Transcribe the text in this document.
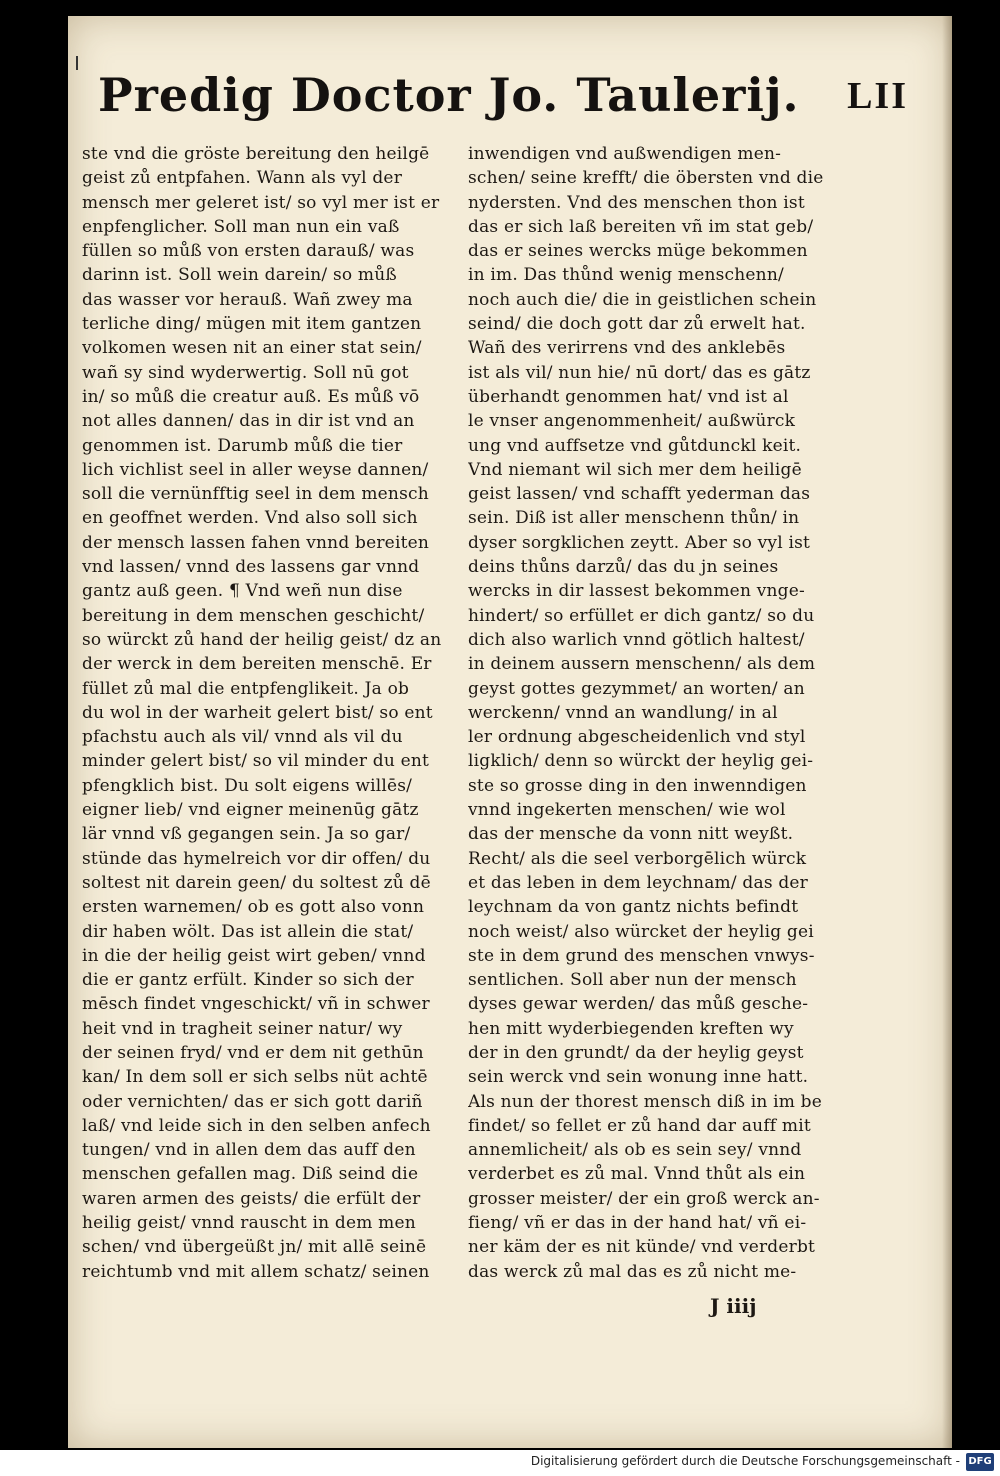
Predig Doctor Jo. Taulerij. LII
ste vnd die gröste bereitung den heilgē
geist zů entpfahen. Wann als vyl der
mensch mer geleret ist/ so vyl mer ist er
enpfenglicher. Soll man nun ein vaß
füllen so můß von ersten darauß/ was
darinn ist. Soll wein darein/ so můß
das wasser vor herauß. Wañ zwey ma
terliche ding/ mügen mit item gantzen
volkomen wesen nit an einer stat sein/
wañ sy sind wyderwertig. Soll nū got
in/ so můß die creatur auß. Es můß vō
not alles dannen/ das in dir ist vnd an
genommen ist. Darumb můß die tier
lich vichlist seel in aller weyse dannen/
soll die vernünfftig seel in dem mensch
en geoffnet werden. Vnd also soll sich
der mensch lassen fahen vnnd bereiten
vnd lassen/ vnnd des lassens gar vnnd
gantz auß geen. ¶ Vnd weñ nun dise
bereitung in dem menschen geschicht/
so würckt zů hand der heilig geist/ dz an
der werck in dem bereiten menschē. Er
füllet zů mal die entpfenglikeit. Ja ob
du wol in der warheit gelert bist/ so ent
pfachstu auch als vil/ vnnd als vil du
minder gelert bist/ so vil minder du ent
pfengklich bist. Du solt eigens willēs/
eigner lieb/ vnd eigner meinenūg gātz
lär vnnd vß gegangen sein. Ja so gar/
stünde das hymelreich vor dir offen/ du
soltest nit darein geen/ du soltest zů dē
ersten warnemen/ ob es gott also vonn
dir haben wölt. Das ist allein die stat/
in die der heilig geist wirt geben/ vnnd
die er gantz erfült. Kinder so sich der
mēsch findet vngeschickt/ vñ in schwer
heit vnd in tragheit seiner natur/ wy
der seinen fryd/ vnd er dem nit gethūn
kan/ In dem soll er sich selbs nüt achtē
oder vernichten/ das er sich gott dariñ
laß/ vnd leide sich in den selben anfech
tungen/ vnd in allen dem das auff den
menschen gefallen mag. Diß seind die
waren armen des geists/ die erfült der
heilig geist/ vnnd rauscht in dem men
schen/ vnd übergeüßt jn/ mit allē seinē
reichtumb vnd mit allem schatz/ seinen
inwendigen vnd außwendigen men-
schen/ seine krefft/ die öbersten vnd die
nydersten. Vnd des menschen thon ist
das er sich laß bereiten vñ im stat geb/
das er seines wercks müge bekommen
in im. Das thůnd wenig menschenn/
noch auch die/ die in geistlichen schein
seind/ die doch gott dar zů erwelt hat.
Wañ des verirrens vnd des anklebēs
ist als vil/ nun hie/ nū dort/ das es gātz
überhandt genommen hat/ vnd ist al
le vnser angenommenheit/ außwürck
ung vnd auffsetze vnd gůtdunckl keit.
Vnd niemant wil sich mer dem heiligē
geist lassen/ vnd schafft yederman das
sein. Diß ist aller menschenn thůn/ in
dyser sorgklichen zeytt. Aber so vyl ist
deins thůns darzů/ das du jn seines
wercks in dir lassest bekommen vnge-
hindert/ so erfüllet er dich gantz/ so du
dich also warlich vnnd götlich haltest/
in deinem aussern menschenn/ als dem
geyst gottes gezymmet/ an worten/ an
werckenn/ vnnd an wandlung/ in al
ler ordnung abgescheidenlich vnd styl
ligklich/ denn so würckt der heylig gei-
ste so grosse ding in den inwenndigen
vnnd ingekerten menschen/ wie wol
das der mensche da vonn nitt weyßt.
Recht/ als die seel verborgēlich würck
et das leben in dem leychnam/ das der
leychnam da von gantz nichts befindt
noch weist/ also würcket der heylig gei
ste in dem grund des menschen vnwys-
sentlichen. Soll aber nun der mensch
dyses gewar werden/ das můß gesche-
hen mitt wyderbiegenden kreften wy
der in den grundt/ da der heylig geyst
sein werck vnd sein wonung inne hatt.
Als nun der thorest mensch diß in im be
findet/ so fellet er zů hand dar auff mit
annemlicheit/ als ob es sein sey/ vnnd
verderbet es zů mal. Vnnd thůt als ein
grosser meister/ der ein groß werck an-
fieng/ vñ er das in der hand hat/ vñ ei-
ner käm der es nit künde/ vnd verderbt
das werck zů mal das es zů nicht me-
J iiij
Digitalisierung gefördert durch die Deutsche Forschungsgemeinschaft - DFG
